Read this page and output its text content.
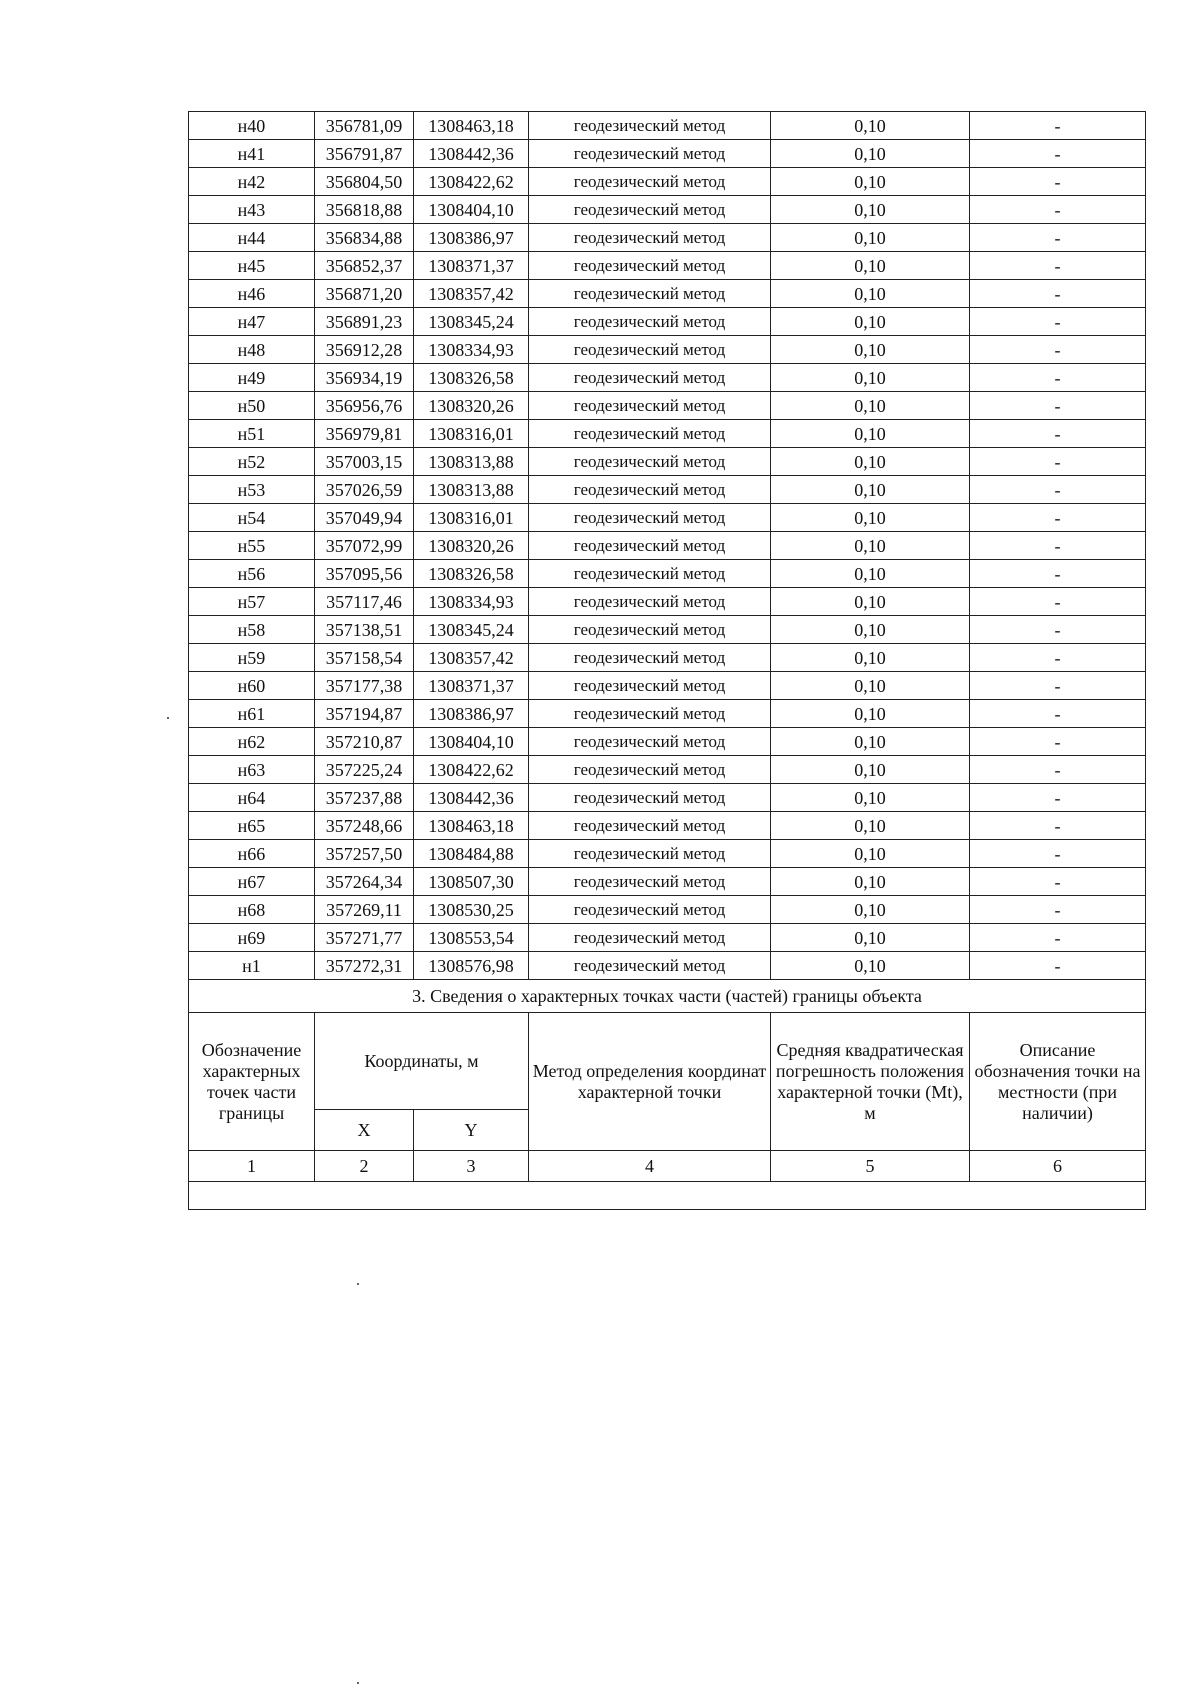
н40	356781,09	1308463,18	геодезический метод	0,10	-
н41	356791,87	1308442,36	геодезический метод	0,10	-
н42	356804,50	1308422,62	геодезический метод	0,10	-
н43	356818,88	1308404,10	геодезический метод	0,10	-
н44	356834,88	1308386,97	геодезический метод	0,10	-
н45	356852,37	1308371,37	геодезический метод	0,10	-
н46	356871,20	1308357,42	геодезический метод	0,10	-
н47	356891,23	1308345,24	геодезический метод	0,10	-
н48	356912,28	1308334,93	геодезический метод	0,10	-
н49	356934,19	1308326,58	геодезический метод	0,10	-
н50	356956,76	1308320,26	геодезический метод	0,10	-
н51	356979,81	1308316,01	геодезический метод	0,10	-
н52	357003,15	1308313,88	геодезический метод	0,10	-
н53	357026,59	1308313,88	геодезический метод	0,10	-
н54	357049,94	1308316,01	геодезический метод	0,10	-
н55	357072,99	1308320,26	геодезический метод	0,10	-
н56	357095,56	1308326,58	геодезический метод	0,10	-
н57	357117,46	1308334,93	геодезический метод	0,10	-
н58	357138,51	1308345,24	геодезический метод	0,10	-
н59	357158,54	1308357,42	геодезический метод	0,10	-
н60	357177,38	1308371,37	геодезический метод	0,10	-
н61	357194,87	1308386,97	геодезический метод	0,10	-
н62	357210,87	1308404,10	геодезический метод	0,10	-
н63	357225,24	1308422,62	геодезический метод	0,10	-
н64	357237,88	1308442,36	геодезический метод	0,10	-
н65	357248,66	1308463,18	геодезический метод	0,10	-
н66	357257,50	1308484,88	геодезический метод	0,10	-
н67	357264,34	1308507,30	геодезический метод	0,10	-
н68	357269,11	1308530,25	геодезический метод	0,10	-
н69	357271,77	1308553,54	геодезический метод	0,10	-
н1	357272,31	1308576,98	геодезический метод	0,10	-
3. Сведения о характерных точках части (частей) границы объекта					
Обозначение характерных точек части границы	Координаты, м		Метод определения координат характерной точки	Средняя квадратическая погрешность положения характерной точки (Mt), м	Описание обозначения точки на местности (при наличии)
	X	Y			
1	2	3	4	5	6
